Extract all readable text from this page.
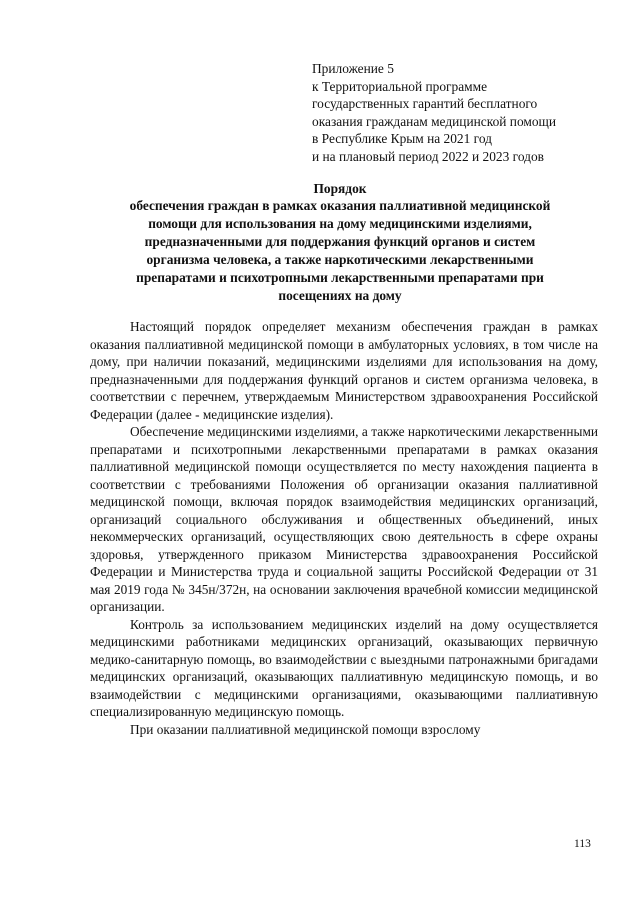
Приложение 5
к Территориальной программе
государственных гарантий бесплатного
оказания гражданам медицинской помощи
в Республике Крым на 2021 год
и на плановый период 2022 и 2023 годов
Порядок
обеспечения граждан в рамках оказания паллиативной медицинской
помощи для использования на дому медицинскими изделиями,
предназначенными для поддержания функций органов и систем
организма человека, а также наркотическими лекарственными
препаратами и психотропными лекарственными препаратами при
посещениях на дому

Настоящий порядок определяет механизм обеспечения граждан в рамках оказания паллиативной медицинской помощи в амбулаторных условиях, в том числе на дому, при наличии показаний, медицинскими изделиями для использования на дому, предназначенными для поддержания функций органов и систем организма человека, в соответствии с перечнем, утверждаемым Министерством здравоохранения Российской Федерации (далее - медицинские изделия).

Обеспечение медицинскими изделиями, а также наркотическими лекарственными препаратами и психотропными лекарственными препаратами в рамках оказания паллиативной медицинской помощи осуществляется по месту нахождения пациента в соответствии с требованиями Положения об организации оказания паллиативной медицинской помощи, включая порядок взаимодействия медицинских организаций, организаций социального обслуживания и общественных объединений, иных некоммерческих организаций, осуществляющих свою деятельность в сфере охраны здоровья, утвержденного приказом Министерства здравоохранения Российской Федерации и Министерства труда и социальной защиты Российской Федерации от 31 мая 2019 года № 345н/372н, на основании заключения врачебной комиссии медицинской организации.

Контроль за использованием медицинских изделий на дому осуществляется медицинскими работниками медицинских организаций, оказывающих первичную медико-санитарную помощь, во взаимодействии с выездными патронажными бригадами медицинских организаций, оказывающих паллиативную медицинскую помощь, и во взаимодействии с медицинскими организациями, оказывающими паллиативную специализированную медицинскую помощь.

При оказании паллиативной медицинской помощи взрослому

113
